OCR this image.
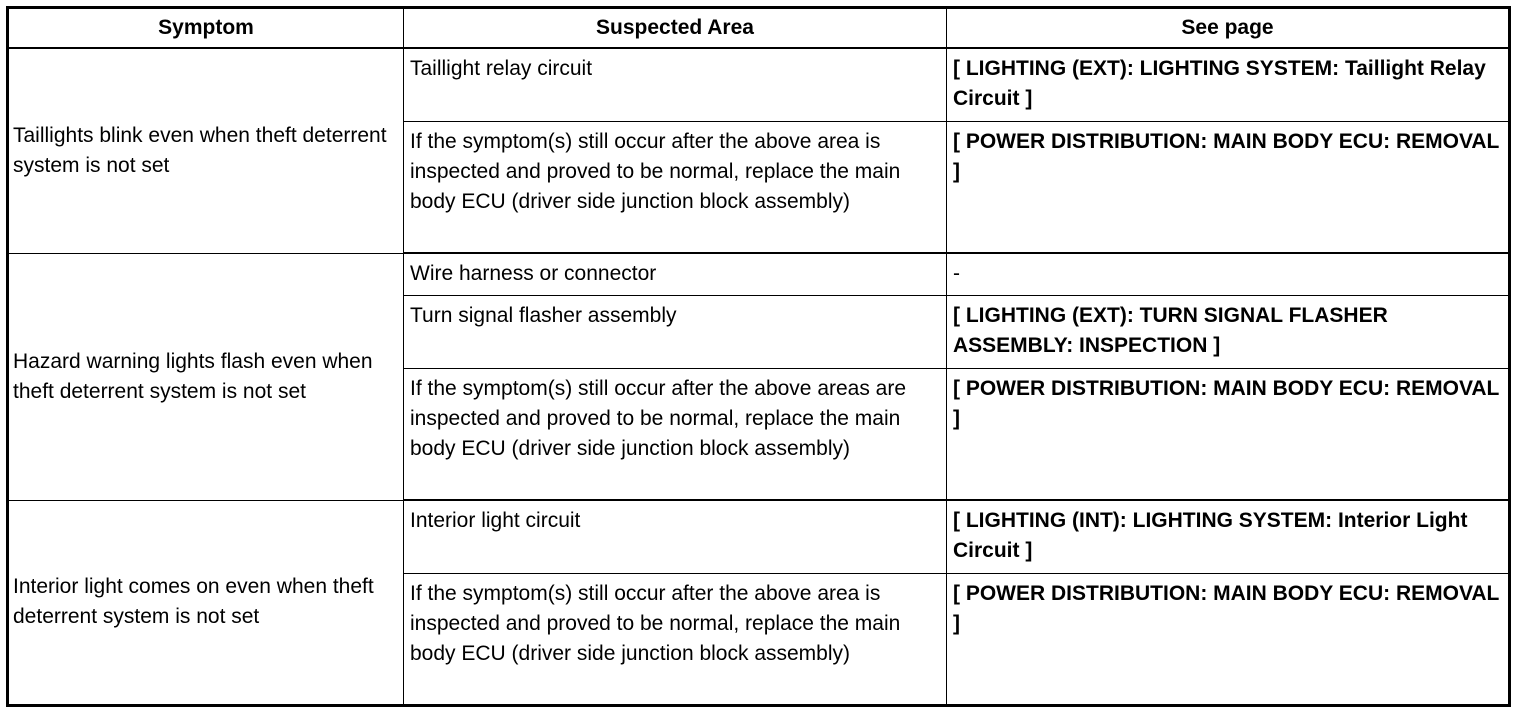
Symptom	Suspected Area	See page
Taillights blink even when theft deterrent system is not set	Taillight relay circuit	[ LIGHTING (EXT): LIGHTING SYSTEM: Taillight Relay Circuit ]
	If the symptom(s) still occur after the above area is inspected and proved to be normal, replace the main body ECU (driver side junction block assembly)	[ POWER DISTRIBUTION: MAIN BODY ECU: REMOVAL ]
Hazard warning lights flash even when theft deterrent system is not set	Wire harness or connector	-
	Turn signal flasher assembly	[ LIGHTING (EXT): TURN SIGNAL FLASHER ASSEMBLY: INSPECTION ]
	If the symptom(s) still occur after the above areas are inspected and proved to be normal, replace the main body ECU (driver side junction block assembly)	[ POWER DISTRIBUTION: MAIN BODY ECU: REMOVAL ]
Interior light comes on even when theft deterrent system is not set	Interior light circuit	[ LIGHTING (INT): LIGHTING SYSTEM: Interior Light Circuit ]
	If the symptom(s) still occur after the above area is inspected and proved to be normal, replace the main body ECU (driver side junction block assembly)	[ POWER DISTRIBUTION: MAIN BODY ECU: REMOVAL ]
